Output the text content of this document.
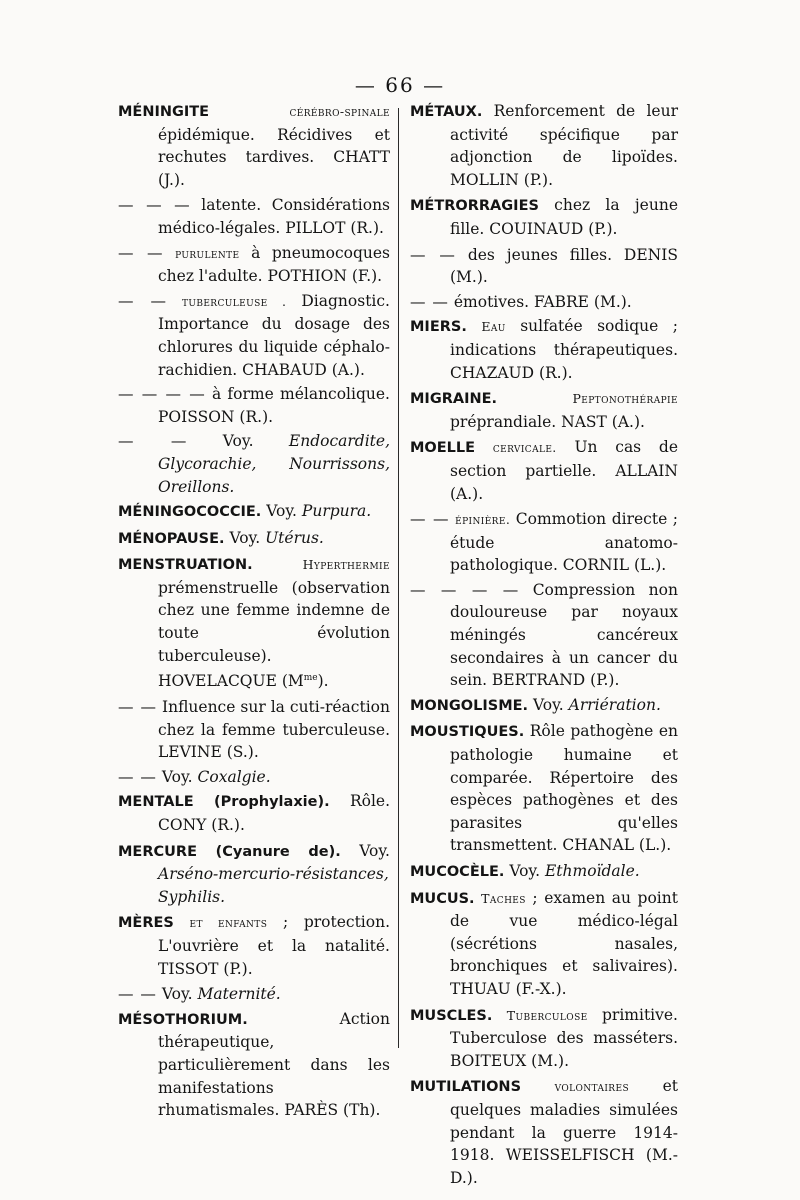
— 66 —
MÉNINGITE	cérébro-spinale épidémique. Récidives et rechutes tardives. CHATT (J.).
— — — latente. Considérations médico-légales. PILLOT (R.).
— — purulente à pneumocoques chez l'adulte. POTHION (F.).
— — tuberculeuse . Diagnostic. Importance du dosage des chlorures du liquide céphalo-rachidien. CHABAUD (A.).
— — — — à forme mélancolique. POISSON (R.).
— — Voy. Endocardite, Glycorachie, Nourrissons, Oreillons.
MÉNINGOCOCCIE. Voy. Purpura.
MÉNOPAUSE. Voy. Utérus.
MENSTRUATION.	Hyperthermie prémenstruelle (observation chez une femme indemne de toute évolution tuberculeuse). HOVELACQUE $(M^{me})$.
— — Influence sur la cuti-réaction chez la femme tuberculeuse. LEVINE (S.).
— — Voy. Coxalgie.
MENTALE (Prophylaxie). Rôle. CONY (R.).
MERCURE (Cyanure de). Voy. Arséno-mercurio-résistances, Syphilis.
MÈRES et enfants ; protection. L'ouvrière et la natalité. TISSOT (P.).
— — Voy. Maternité.
MÉSOTHORIUM.	Action thérapeutique, particulièrement dans les manifestations rhumatismales. PARÈS (Th).
MÉTAUX. Renforcement de leur activité spécifique par adjonction de lipoïdes. MOLLIN (P.).
MÉTRORRAGIES chez la jeune fille. COUINAUD (P.).
— — des jeunes filles. DENIS (M.).
— — émotives. FABRE (M.).
MIERS. Eau sulfatée sodique ; indications thérapeutiques. CHAZAUD (R.).
MIGRAINE.	Peptonothérapie préprandiale. NAST (A.).
MOELLE cervicale. Un cas de section partielle. ALLAIN (A.).
— — épinière. Commotion directe ; étude anatomo-pathologique. CORNIL (L.).
— — — — Compression non douloureuse par noyaux méningés cancéreux secondaires à un cancer du sein. BERTRAND (P.).
MONGOLISME. Voy. Arriération.
MOUSTIQUES. Rôle pathogène en pathologie humaine et comparée. Répertoire des espèces pathogènes et des parasites qu'elles transmettent. CHANAL (L.).
MUCOCÈLE. Voy. Ethmoïdale.
MUCUS. Taches ; examen au point de vue médico-légal (sécrétions nasales, bronchiques et salivaires). THUAU (F.-X.).
MUSCLES. Tuberculose primitive. Tuberculose des masséters. BOITEUX (M.).
MUTILATIONS	volontaires et quelques maladies simulées pendant la guerre 1914-1918. WEISSELFISCH (M.-D.).
